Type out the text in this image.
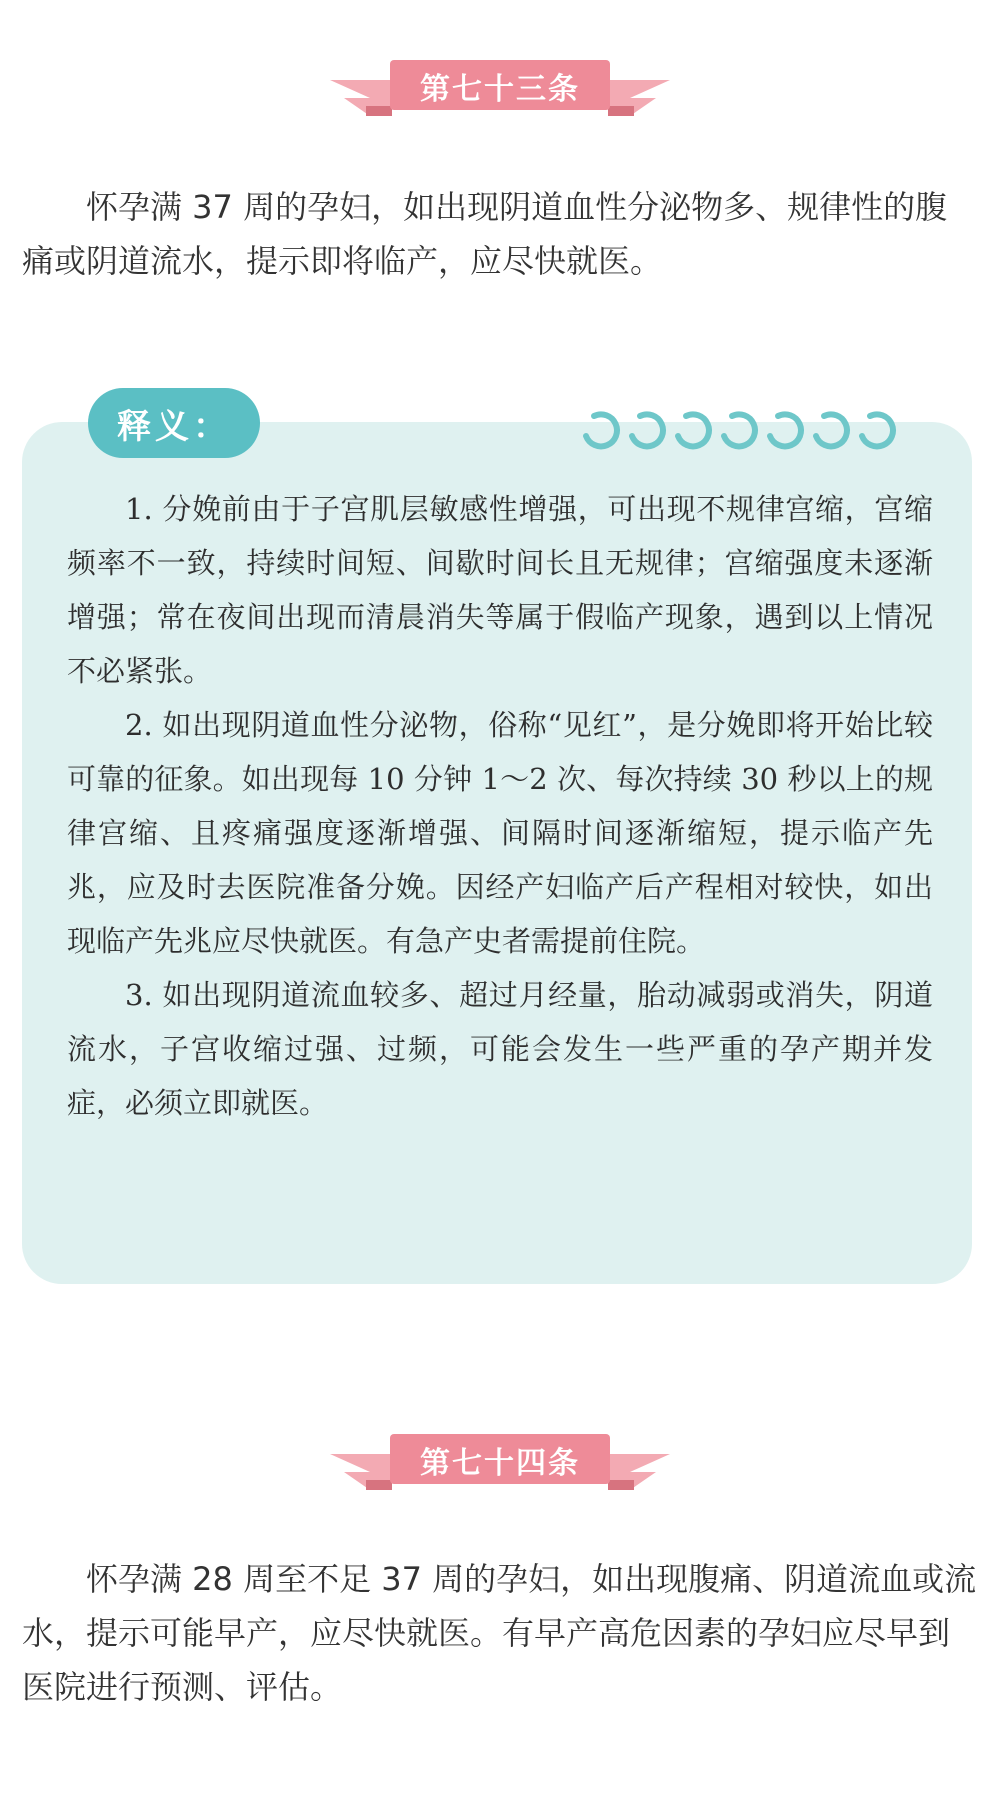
第七十三条

怀孕满 37 周的孕妇，如出现阴道血性分泌物多、规律性的腹痛或阴道流水，提示即将临产，应尽快就医。

1. 分娩前由于子宫肌层敏感性增强，可出现不规律宫缩，宫缩频率不一致，持续时间短、间歇时间长且无规律；宫缩强度未逐渐增强；常在夜间出现而清晨消失等属于假临产现象，遇到以上情况不必紧张。

2. 如出现阴道血性分泌物，俗称“见红”，是分娩即将开始比较可靠的征象。如出现每 10 分钟 1～2 次、每次持续 30 秒以上的规律宫缩、且疼痛强度逐渐增强、间隔时间逐渐缩短，提示临产先兆，应及时去医院准备分娩。因经产妇临产后产程相对较快，如出现临产先兆应尽快就医。有急产史者需提前住院。

3. 如出现阴道流血较多、超过月经量，胎动减弱或消失，阴道流水，子宫收缩过强、过频，可能会发生一些严重的孕产期并发症，必须立即就医。

释义：
第七十四条

怀孕满 28 周至不足 37 周的孕妇，如出现腹痛、阴道流血或流水，提示可能早产，应尽快就医。有早产高危因素的孕妇应尽早到医院进行预测、评估。
